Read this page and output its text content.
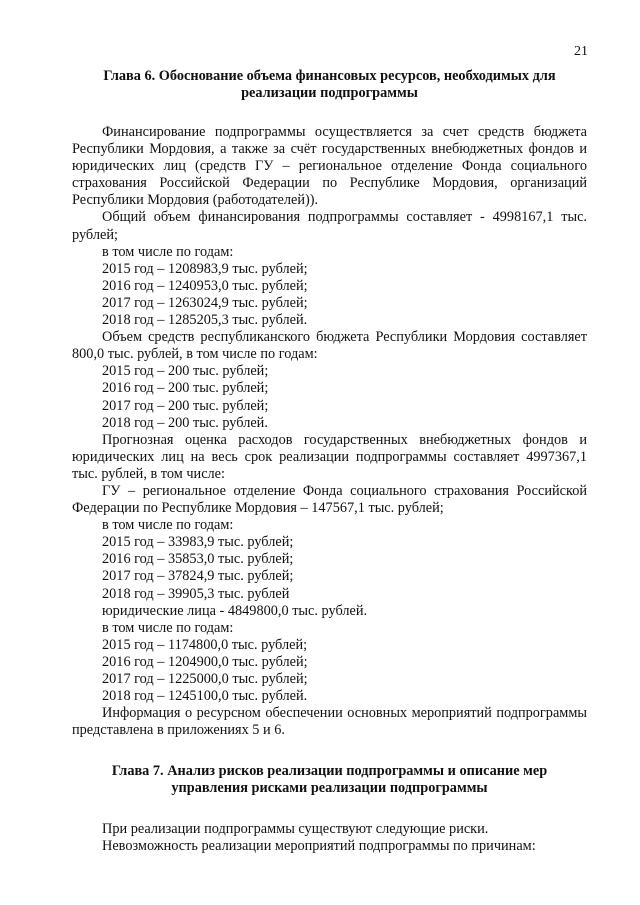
21

Глава 6. Обоснование объема финансовых ресурсов, необходимых для реализации подпрограммы

Финансирование подпрограммы осуществляется за счет средств бюджета Республики Мордовия, а также за счёт государственных внебюджетных фондов и юридических лиц (средств ГУ – региональное отделение Фонда социального страхования Российской Федерации по Республике Мордовия, организаций Республики Мордовия (работодателей)).

Общий объем финансирования подпрограммы составляет - 4998167,1 тыс. рублей;

в том числе по годам:

2015 год – 1208983,9 тыс. рублей;

2016 год – 1240953,0 тыс. рублей;

2017 год – 1263024,9 тыс. рублей;

2018 год – 1285205,3 тыс. рублей.

Объем средств республиканского бюджета Республики Мордовия составляет 800,0 тыс. рублей, в том числе по годам:

2015 год – 200 тыс. рублей;

2016 год – 200 тыс. рублей;

2017 год – 200 тыс. рублей;

2018 год – 200 тыс. рублей.

Прогнозная оценка расходов государственных внебюджетных фондов и юридических лиц на весь срок реализации подпрограммы составляет 4997367,1 тыс. рублей, в том числе:

ГУ – региональное отделение Фонда социального страхования Российской Федерации по Республике Мордовия – 147567,1 тыс. рублей;

в том числе по годам:

2015 год – 33983,9 тыс. рублей;

2016 год – 35853,0 тыс. рублей;

2017 год – 37824,9 тыс. рублей;

2018 год – 39905,3 тыс. рублей

юридические лица - 4849800,0 тыс. рублей.

в том числе по годам:

2015 год – 1174800,0 тыс. рублей;

2016 год – 1204900,0 тыс. рублей;

2017 год – 1225000,0 тыс. рублей;

2018 год – 1245100,0 тыс. рублей.

Информация о ресурсном обеспечении основных мероприятий подпрограммы представлена в приложениях 5 и 6.

Глава 7. Анализ рисков реализации подпрограммы и описание мер управления рисками реализации подпрограммы

При реализации подпрограммы существуют следующие риски.

Невозможность реализации мероприятий подпрограммы по причинам:
